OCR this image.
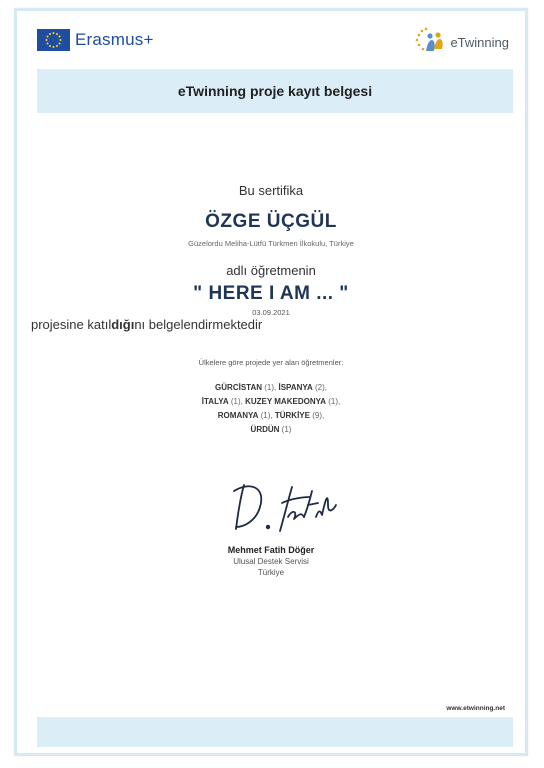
Erasmus+	eTwinning
eTwinning proje kayıt belgesi
Bu sertifika
ÖZGE ÜÇGÜL
Güzelordu Meliha-Lütfü Türkmen İlkokulu, Türkiye
adlı öğretmenin
" HERE I AM ... "
03.09.2021
projesine katıldığını belgelendirmektedir
Ülkelere göre projede yer alan öğretmenler:
GÜRCİSTAN (1), İSPANYA (2),
İTALYA (1), KUZEY MAKEDONYA (1),
ROMANYA (1), TÜRKİYE (9),
ÜRDÜN (1)
Mehmet Fatih Döğer
Ulusal Destek Servisi
Türkiye
www.etwinning.net
